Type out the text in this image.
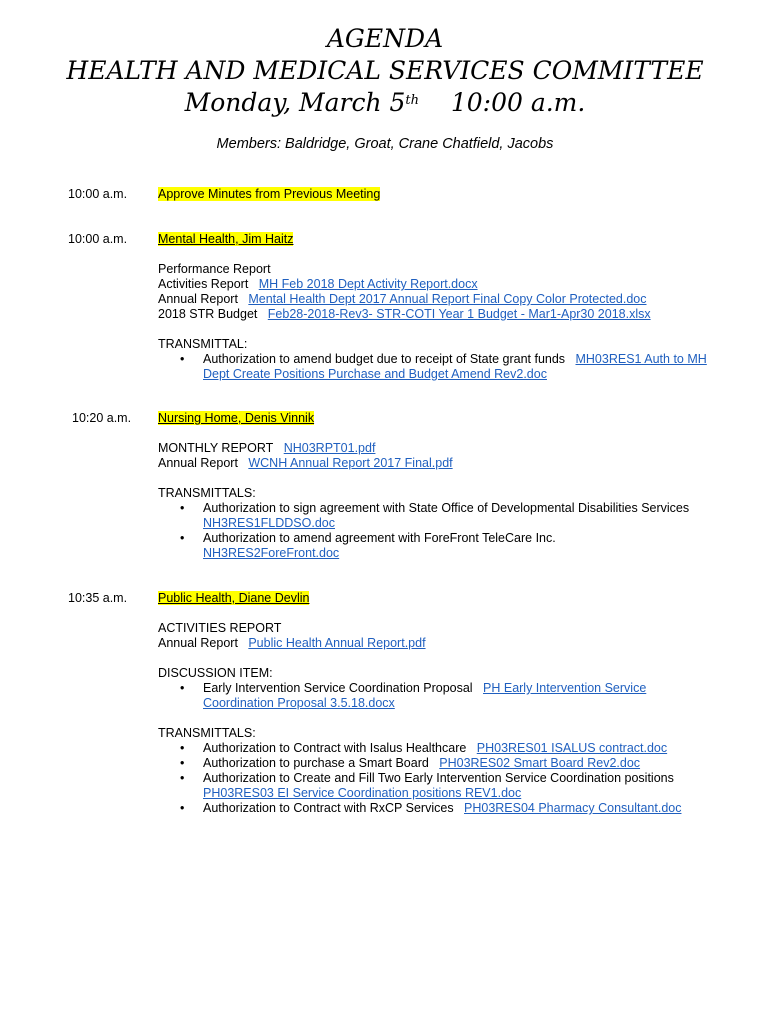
AGENDA
HEALTH AND MEDICAL SERVICES COMMITTEE
Monday, March 5th 10:00 a.m.
Members: Baldridge, Groat, Crane Chatfield, Jacobs
10:00 a.m. Approve Minutes from Previous Meeting
10:00 a.m. Mental Health, Jim Haitz
Performance Report
Activities Report MH Feb 2018 Dept Activity Report.docx
Annual Report Mental Health Dept 2017 Annual Report Final Copy Color Protected.doc
2018 STR Budget Feb28-2018-Rev3- STR-COTI Year 1 Budget - Mar1-Apr30 2018.xlsx
TRANSMITTAL:
• Authorization to amend budget due to receipt of State grant funds MH03RES1 Auth to MH Dept Create Positions Purchase and Budget Amend Rev2.doc
10:20 a.m. Nursing Home, Denis Vinnik
MONTHLY REPORT NH03RPT01.pdf
Annual Report WCNH Annual Report 2017 Final.pdf
TRANSMITTALS:
• Authorization to sign agreement with State Office of Developmental Disabilities Services
NH3RES1FLDDSO.doc
• Authorization to amend agreement with ForeFront TeleCare Inc.
NH3RES2ForeFront.doc
10:35 a.m. Public Health, Diane Devlin
ACTIVITIES REPORT
Annual Report Public Health Annual Report.pdf
DISCUSSION ITEM:
• Early Intervention Service Coordination Proposal PH Early Intervention Service Coordination Proposal 3.5.18.docx
TRANSMITTALS:
• Authorization to Contract with Isalus Healthcare PH03RES01 ISALUS contract.doc
• Authorization to purchase a Smart Board PH03RES02 Smart Board Rev2.doc
• Authorization to Create and Fill Two Early Intervention Service Coordination positions
PH03RES03 EI Service Coordination positions REV1.doc
• Authorization to Contract with RxCP Services PH03RES04 Pharmacy Consultant.doc
